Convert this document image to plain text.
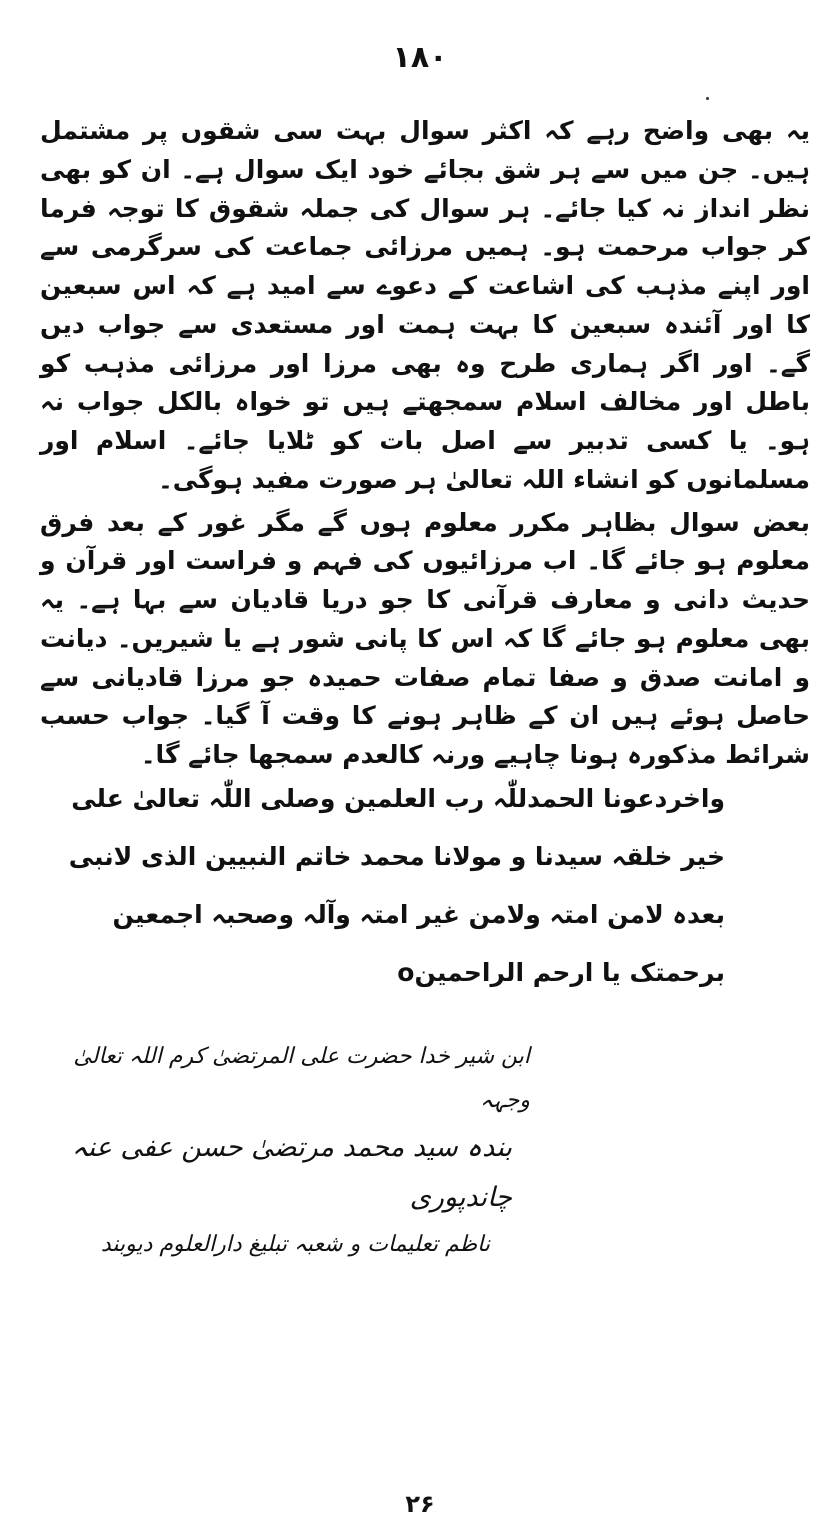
۱۸۰

یہ بھی واضح رہے کہ اکثر سوال بہت سی شقوں پر مشتمل ہیں۔ جن میں سے ہر شق بجائے خود ایک سوال ہے۔ ان کو بھی نظر انداز نہ کیا جائے۔ ہر سوال کی جملہ شقوق کا توجہ فرما کر جواب مرحمت ہو۔ ہمیں مرزائی جماعت کی سرگرمی سے اور اپنے مذہب کی اشاعت کے دعوے سے امید ہے کہ اس سبعین کا اور آئندہ سبعین کا بہت ہمت اور مستعدی سے جواب دیں گے۔ اور اگر ہماری طرح وہ بھی مرزا اور مرزائی مذہب کو باطل اور مخالف اسلام سمجھتے ہیں تو خواہ بالکل جواب نہ ہو۔ یا کسی تدبیر سے اصل بات کو ٹلایا جائے۔ اسلام اور مسلمانوں کو انشاء اللہ تعالیٰ ہر صورت مفید ہوگی۔

بعض سوال بظاہر مکرر معلوم ہوں گے مگر غور کے بعد فرق معلوم ہو جائے گا۔ اب مرزائیوں کی فہم و فراست اور قرآن و حدیث دانی و معارف قرآنی کا جو دریا قادیان سے بہا ہے۔ یہ بھی معلوم ہو جائے گا کہ اس کا پانی شور ہے یا شیریں۔ دیانت و امانت صدق و صفا تمام صفات حمیدہ جو مرزا قادیانی سے حاصل ہوئے ہیں ان کے ظاہر ہونے کا وقت آ گیا۔ جواب حسب شرائط مذکورہ ہونا چاہیے ورنہ کالعدم سمجھا جائے گا۔

واخردعونا الحمدللّٰہ رب العلمین وصلی اللّٰہ تعالیٰ علی
خیر خلقہ سیدنا و مولانا محمد خاتم النبیین الذی لانبی
بعدہ لامن امتہ ولامن غیر امتہ وآلہ وصحبہ اجمعین
برحمتک یا ارحم الراحمینo
ابن شیر خدا حضرت علی المرتضیٰ کرم اللہ تعالیٰ وجہہ
بندہ سید محمد مرتضیٰ حسن عفی عنہ چاندپوری
ناظم تعلیمات و شعبہ تبلیغ دارالعلوم دیوبند
۲۶
